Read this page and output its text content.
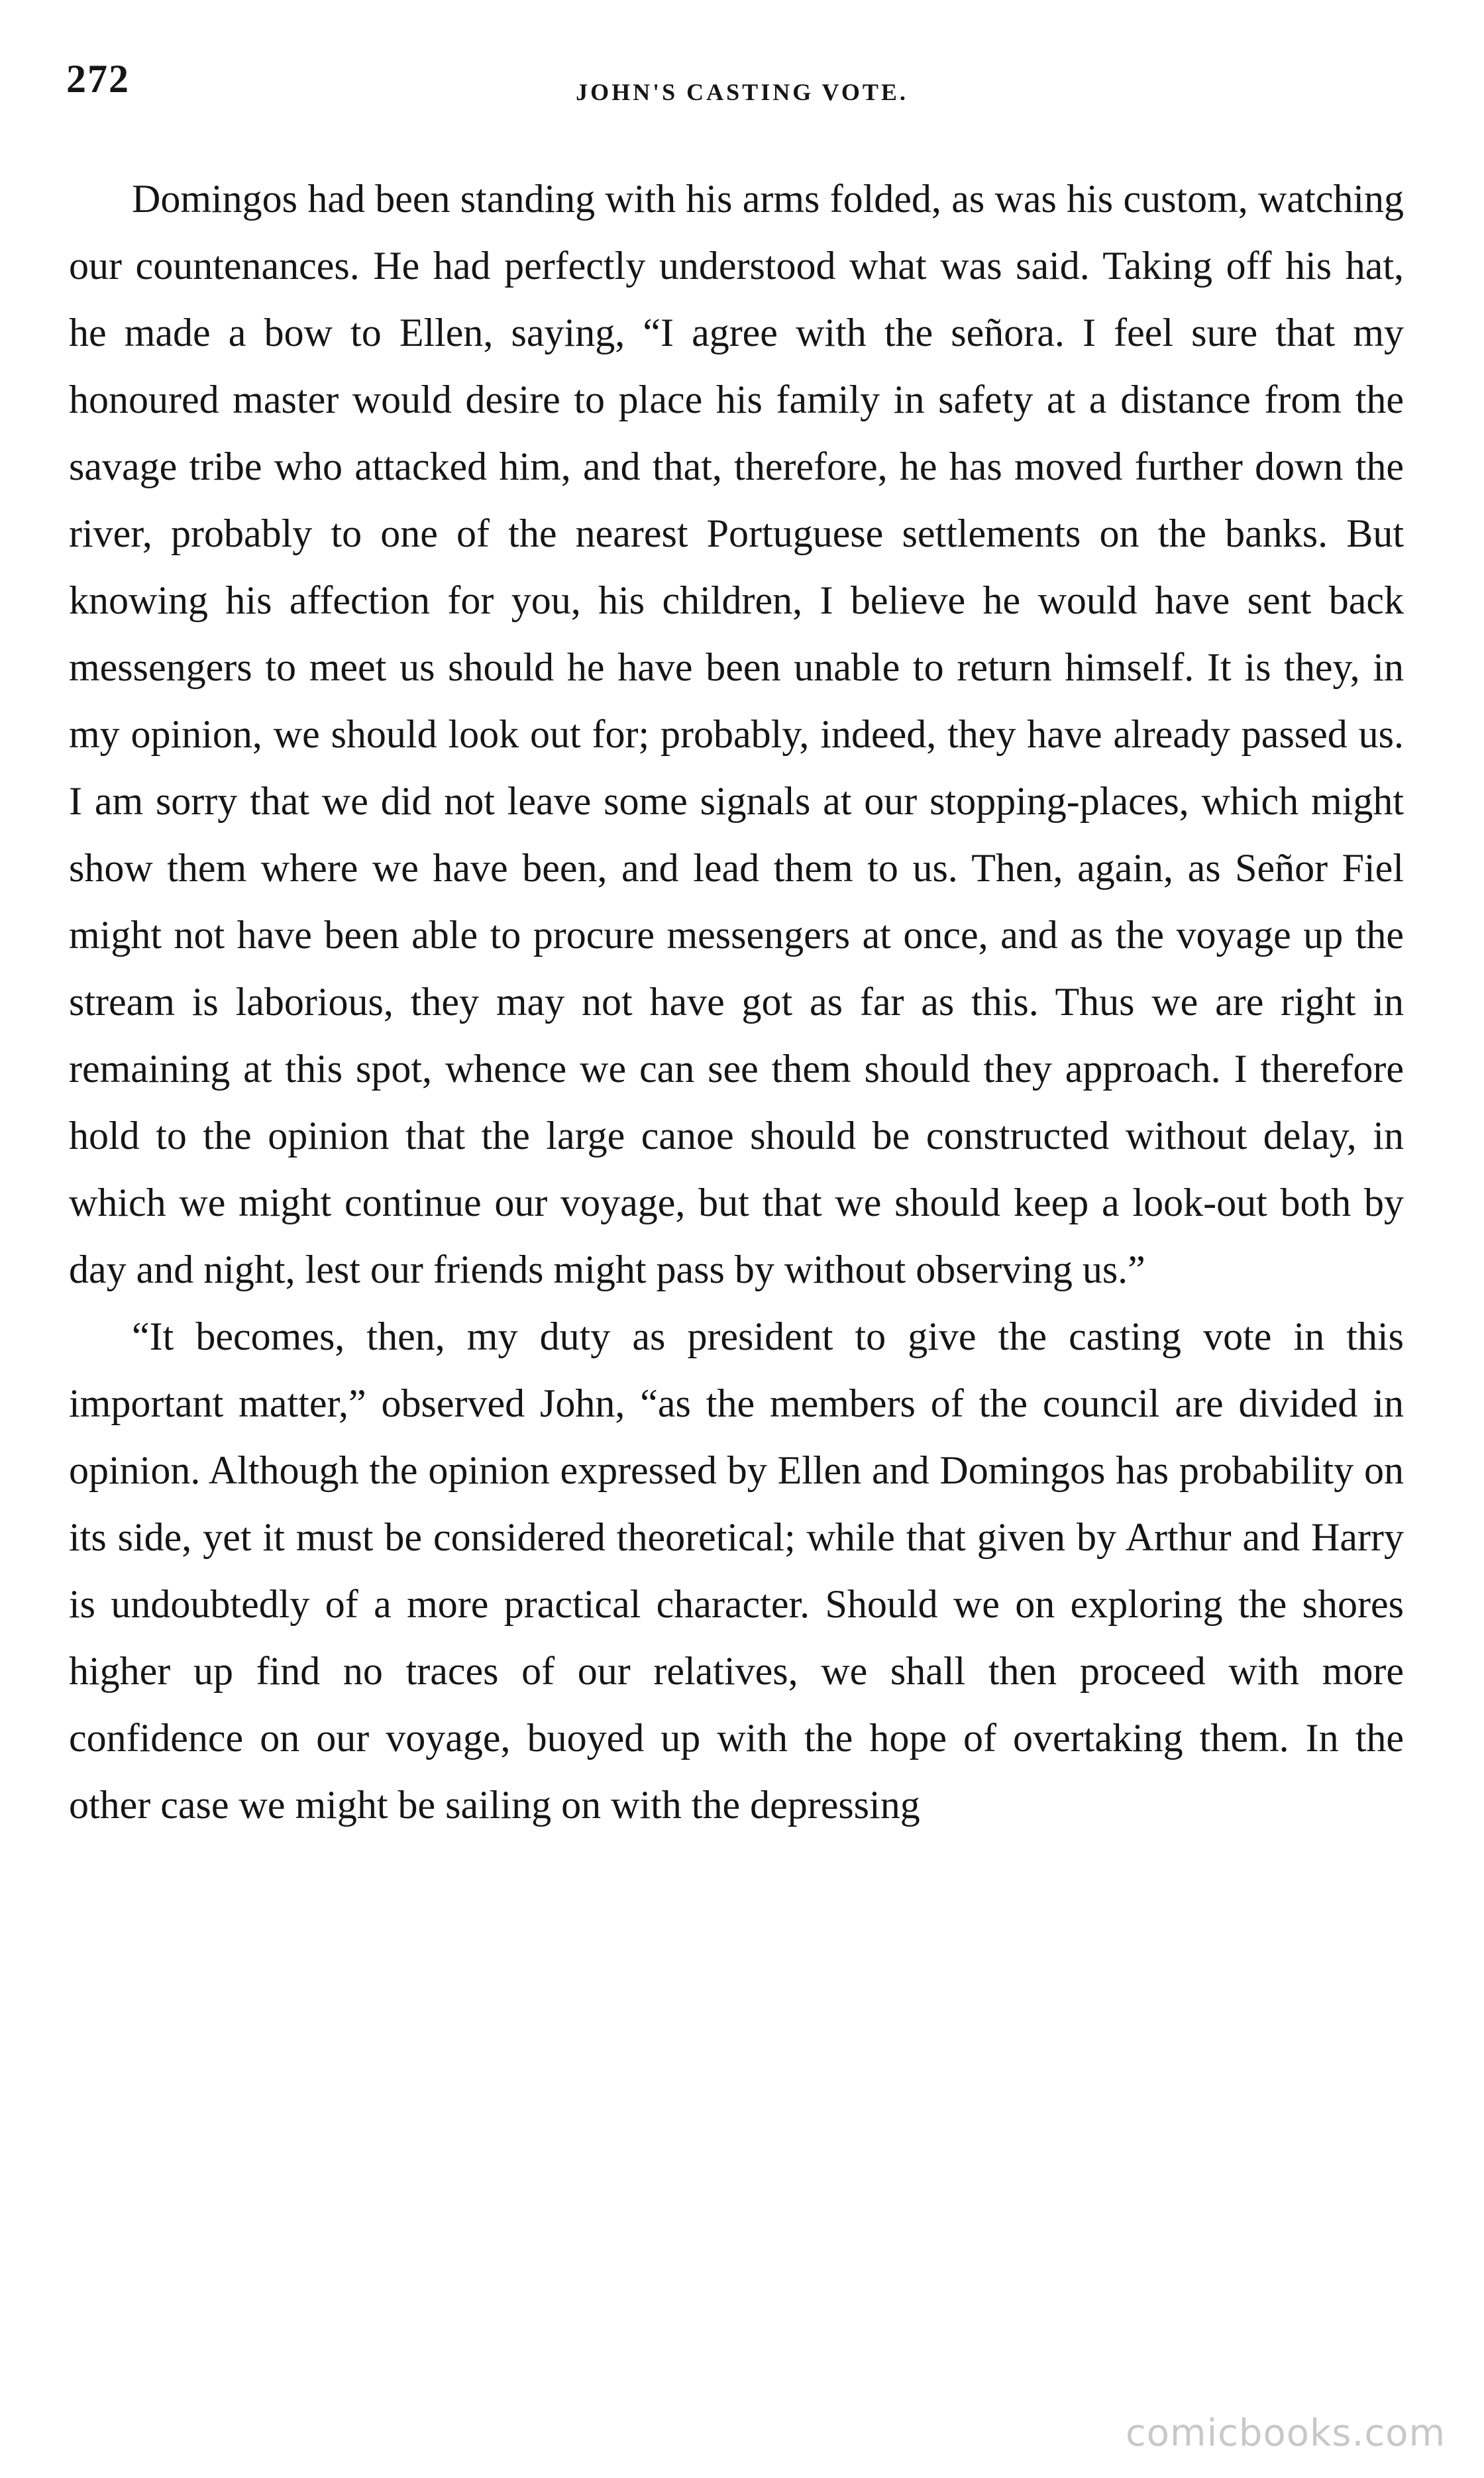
272	JOHN'S CASTING VOTE.

Domingos had been standing with his arms folded, as was his custom, watching our countenances. He had perfectly understood what was said. Taking off his hat, he made a bow to Ellen, saying, “I agree with the señora. I feel sure that my honoured master would desire to place his family in safety at a distance from the savage tribe who attacked him, and that, therefore, he has moved further down the river, probably to one of the nearest Portuguese settlements on the banks. But knowing his affection for you, his children, I believe he would have sent back messengers to meet us should he have been unable to return himself. It is they, in my opinion, we should look out for; probably, indeed, they have already passed us. I am sorry that we did not leave some signals at our stopping-places, which might show them where we have been, and lead them to us. Then, again, as Señor Fiel might not have been able to procure messengers at once, and as the voyage up the stream is laborious, they may not have got as far as this. Thus we are right in remaining at this spot, whence we can see them should they approach. I therefore hold to the opinion that the large canoe should be constructed without delay, in which we might continue our voyage, but that we should keep a look-out both by day and night, lest our friends might pass by without observing us.”

“It becomes, then, my duty as president to give the casting vote in this important matter,” observed John, “as the members of the council are divided in opinion. Although the opinion expressed by Ellen and Domingos has probability on its side, yet it must be considered theoretical; while that given by Arthur and Harry is undoubtedly of a more practical character. Should we on exploring the shores higher up find no traces of our relatives, we shall then proceed with more confidence on our voyage, buoyed up with the hope of overtaking them. In the other case we might be sailing on with the depressing

comicbooks.com
